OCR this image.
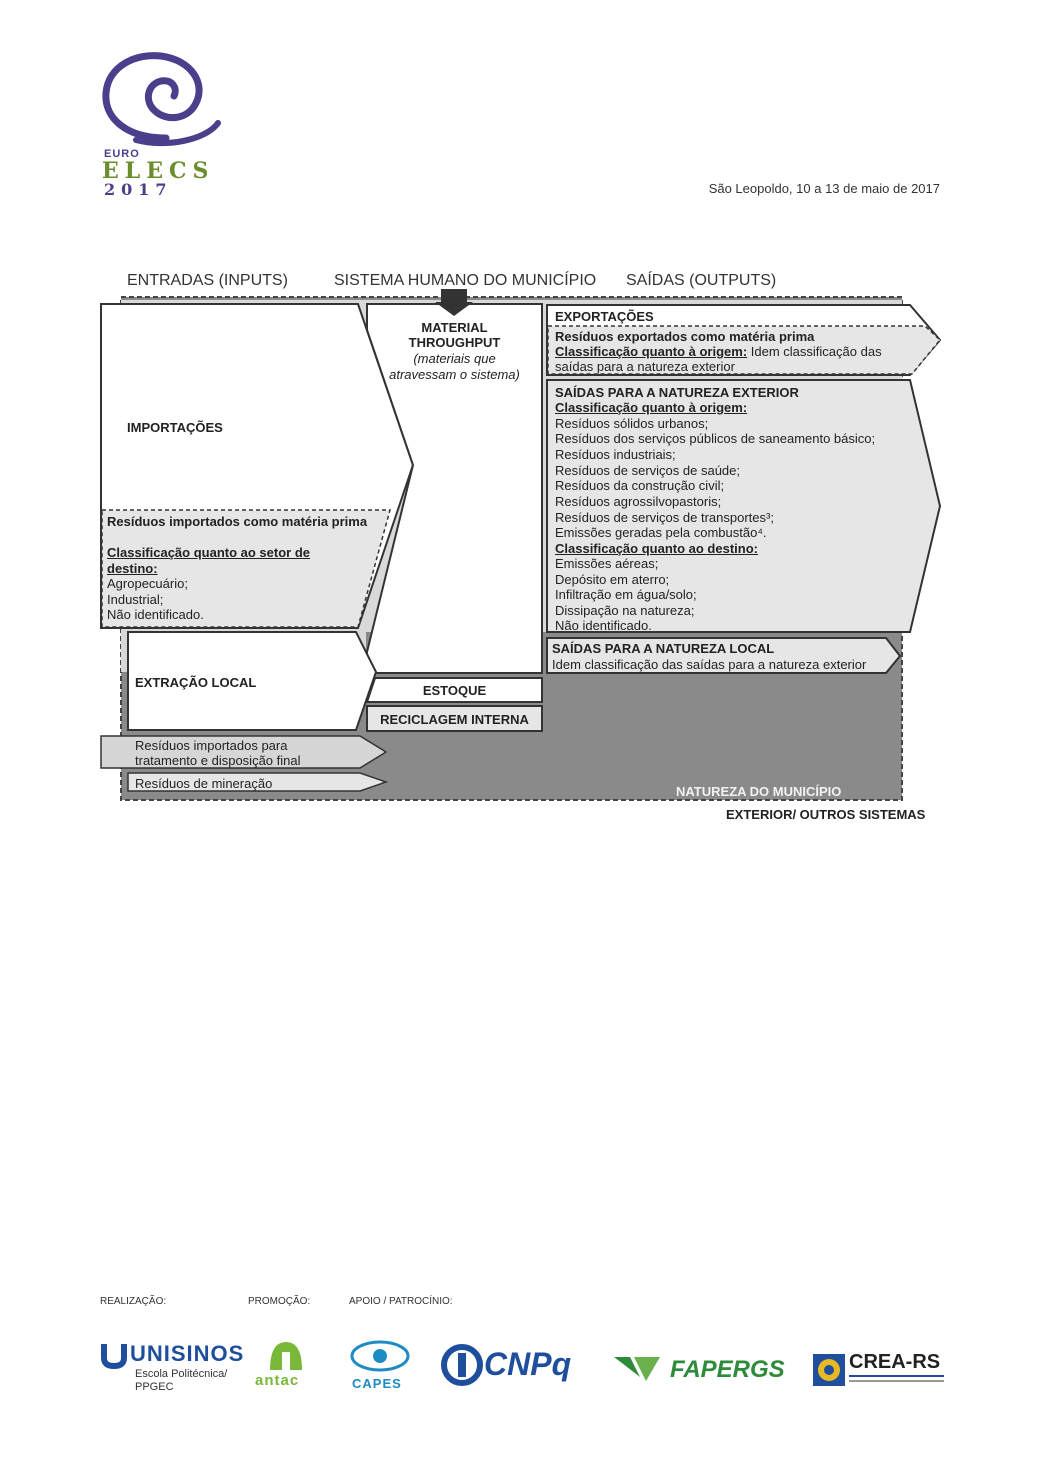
EURO
ELECS
2017	São Leopoldo, 10 a 13 de maio de 2017
ENTRADAS (INPUTS)	SISTEMA HUMANO DO MUNICÍPIO SAÍDAS (OUTPUTS)
IMPORTAÇÕES
Resíduos importados como matéria prima
Classificação quanto ao setor de
destino:
Agropecuário;
Industrial;
Não identificado.
EXTRAÇÃO LOCAL
Resíduos importados para
tratamento e disposição final
Resíduos de mineração
MATERIAL
THROUGHPUT
(materiais que
atravessam o sistema)
ESTOQUE
RECICLAGEM INTERNA
EXPORTAÇÕES
Resíduos exportados como matéria prima
Classificação quanto à origem: Idem classificação das
saídas para a natureza exterior
SAÍDAS PARA A NATUREZA EXTERIOR
Classificação quanto à origem:
Resíduos sólidos urbanos;
Resíduos dos serviços públicos de saneamento básico;
Resíduos industriais;
Resíduos de serviços de saúde;
Resíduos da construção civil;
Resíduos agrossilvopastoris;
Resíduos de serviços de transportes³;
Emissões geradas pela combustão⁴.
Classificação quanto ao destino:
Emissões aéreas;
Depósito em aterro;
Infiltração em água/solo;
Dissipação na natureza;
Não identificado.
SAÍDAS PARA A NATUREZA LOCAL
Idem classificação das saídas para a natureza exterior
NATUREZA DO MUNICÍPIO
EXTERIOR/ OUTROS SISTEMAS
REALIZAÇÃO:	PROMOÇÃO:	APOIO / PATROCÍNIO:
UNISINOS
Escola Politécnica/
PPGEC	antac	CAPES
CNPq	FAPERGS	CREA-RS
